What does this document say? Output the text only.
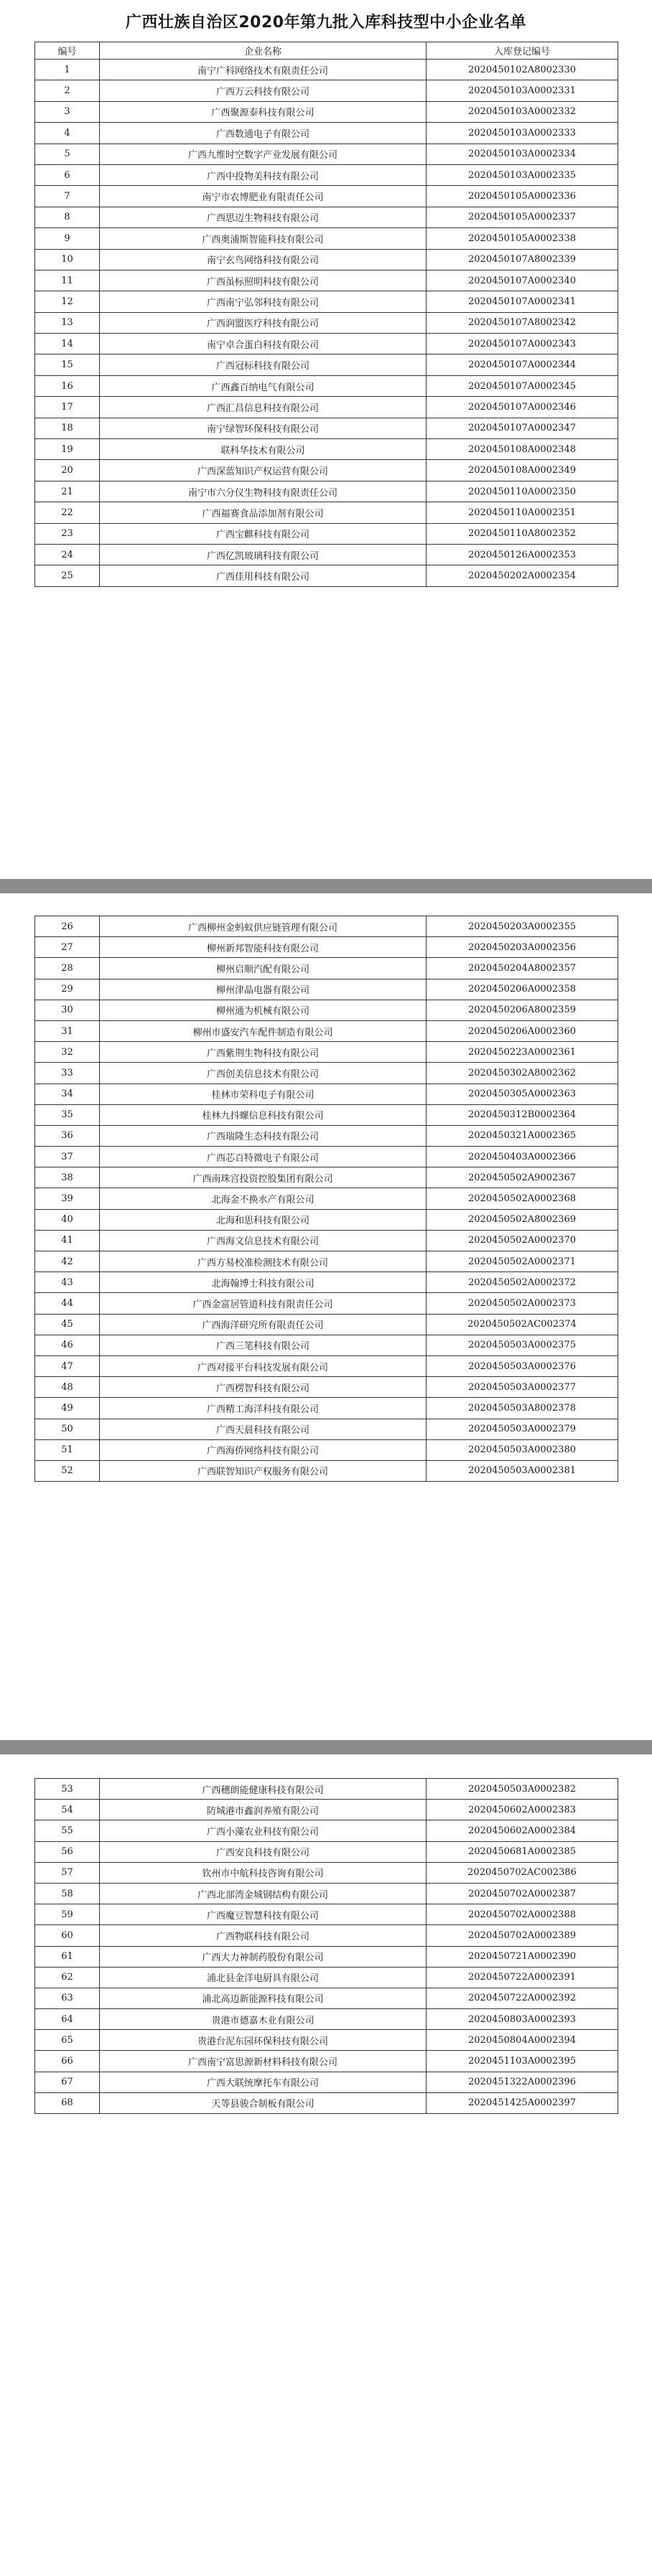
广西壮族自治区2020年第九批入库科技型中小企业名单
编号	企业名称	入库登记编号
1	南宁广科网络技术有限责任公司	2020450102A8002330
2	广西万云科技有限公司	2020450103A0002331
3	广西聚源泰科技有限公司	2020450103A0002332
4	广西数通电子有限公司	2020450103A0002333
5	广西九维时空数字产业发展有限公司	2020450103A0002334
6	广西中投物美科技有限公司	2020450103A0002335
7	南宁市农博肥业有限责任公司	2020450105A0002336
8	广西思迈生物科技有限公司	2020450105A0002337
9	广西奥浦斯智能科技有限公司	2020450105A0002338
10	南宁玄鸟网络科技有限公司	2020450107A8002339
11	广西虽标照明科技有限公司	2020450107A0002340
12	广西南宁弘邻科技有限公司	2020450107A0002341
13	广西润盟医疗科技有限公司	2020450107A8002342
14	南宁卓合蛋白科技有限公司	2020450107A0002343
15	广西冠标科技有限公司	2020450107A0002344
16	广西鑫百纳电气有限公司	2020450107A0002345
17	广西汇昌信息科技有限公司	2020450107A0002346
18	南宁绿智环保科技有限公司	2020450107A0002347
19	联科华技术有限公司	2020450108A0002348
20	广西深蓝知识产权运营有限公司	2020450108A0002349
21	南宁市六分仪生物科技有限责任公司	2020450110A0002350
22	广西福赛食品添加剂有限公司	2020450110A0002351
23	广西宝麒科技有限公司	2020450110A8002352
24	广西亿凯玻璃科技有限公司	2020450126A0002353
25	广西佳用科技有限公司	2020450202A0002354
26	广西柳州金蚂蚁供应链管理有限公司	2020450203A0002355
27	柳州新邦智能科技有限公司	2020450203A0002356
28	柳州启顺汽配有限公司	2020450204A8002357
29	柳州津晶电器有限公司	2020450206A0002358
30	柳州通为机械有限公司	2020450206A8002359
31	柳州市盛安汽车配件制造有限公司	2020450206A0002360
32	广西紫荆生物科技有限公司	2020450223A0002361
33	广西创美信息技术有限公司	2020450302A8002362
34	桂林市荣科电子有限公司	2020450305A0002363
35	桂林九抖螺信息科技有限公司	2020450312B0002364
36	广西瑞隆生态科技有限公司	2020450321A0002365
37	广西芯百特微电子有限公司	2020450403A0002366
38	广西南珠宫投资控股集团有限公司	2020450502A9002367
39	北海金不换水产有限公司	2020450502A0002368
40	北海和思科技有限公司	2020450502A8002369
41	广西海文信息技术有限公司	2020450502A0002370
42	广西方易校准检测技术有限公司	2020450502A0002371
43	北海翰博士科技有限公司	2020450502A0002372
44	广西金富居管道科技有限责任公司	2020450502A0002373
45	广西海洋研究所有限责任公司	2020450502AC002374
46	广西三笔科技有限公司	2020450503A0002375
47	广西对接平台科技发展有限公司	2020450503A0002376
48	广西楞智科技有限公司	2020450503A0002377
49	广西精工海洋科技有限公司	2020450503A8002378
50	广西天晨科技有限公司	2020450503A0002379
51	广西海侨网络科技有限公司	2020450503A0002380
52	广西联智知识产权服务有限公司	2020450503A0002381
53	广西穗朗能健康科技有限公司	2020450503A0002382
54	防城港市鑫润养殖有限公司	2020450602A0002383
55	广西小藻农业科技有限公司	2020450602A0002384
56	广西安良科技有限公司	2020450681A0002385
57	钦州市中航科技咨询有限公司	2020450702AC002386
58	广西北部湾金城钢结构有限公司	2020450702A0002387
59	广西魔豆智慧科技有限公司	2020450702A0002388
60	广西物联科技有限公司	2020450702A0002389
61	广西大力神制药股份有限公司	2020450721A0002390
62	浦北县金洋电厨具有限公司	2020450722A0002391
63	浦北高迈新能源科技有限公司	2020450722A0002392
64	贵港市德嘉木业有限公司	2020450803A0002393
65	贵港台泥东园环保科技有限公司	2020450804A0002394
66	广西南宁富思源新材料科技有限公司	2020451103A0002395
67	广西大联统摩托车有限公司	2020451322A0002396
68	天等县骏合制板有限公司	2020451425A0002397
